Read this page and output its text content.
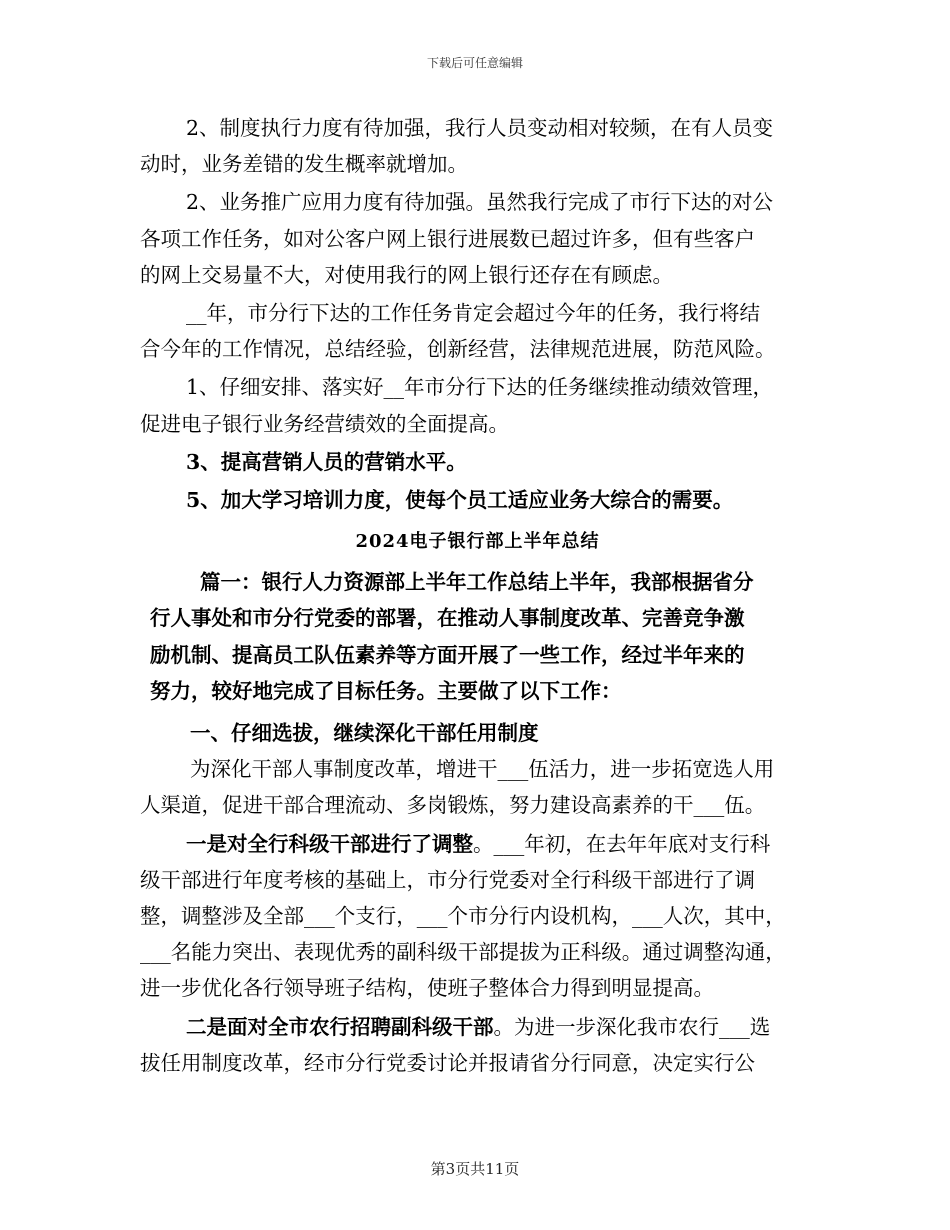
下载后可任意编辑
2、制度执行力度有待加强，我行人员变动相对较频，在有人员变
动时，业务差错的发生概率就增加。
2、业务推广应用力度有待加强。虽然我行完成了市行下达的对公
各项工作任务，如对公客户网上银行进展数已超过许多，但有些客户
的网上交易量不大，对使用我行的网上银行还存在有顾虑。
__年，市分行下达的工作任务肯定会超过今年的任务，我行将结
合今年的工作情况，总结经验，创新经营，法律规范进展，防范风险。
1、仔细安排、落实好__年市分行下达的任务继续推动绩效管理，
促进电子银行业务经营绩效的全面提高。
3、提高营销人员的营销水平。
5、加大学习培训力度，使每个员工适应业务大综合的需要。
2024电子银行部上半年总结
篇一：银行人力资源部上半年工作总结上半年，我部根据省分
行人事处和市分行党委的部署，在推动人事制度改革、完善竞争激
励机制、提高员工队伍素养等方面开展了一些工作，经过半年来的
努力，较好地完成了目标任务。主要做了以下工作：
一、仔细选拔，继续深化干部任用制度
为深化干部人事制度改革，增进干___伍活力，进一步拓宽选人用
人渠道，促进干部合理流动、多岗锻炼，努力建设高素养的干___伍。
一是对全行科级干部进行了调整。___年初，在去年年底对支行科
级干部进行年度考核的基础上，市分行党委对全行科级干部进行了调
整，调整涉及全部___个支行，___个市分行内设机构，___人次，其中，
___名能力突出、表现优秀的副科级干部提拔为正科级。通过调整沟通，
进一步优化各行领导班子结构，使班子整体合力得到明显提高。
二是面对全市农行招聘副科级干部。为进一步深化我市农行___选
拔任用制度改革，经市分行党委讨论并报请省分行同意，决定实行公
第3页共11页
